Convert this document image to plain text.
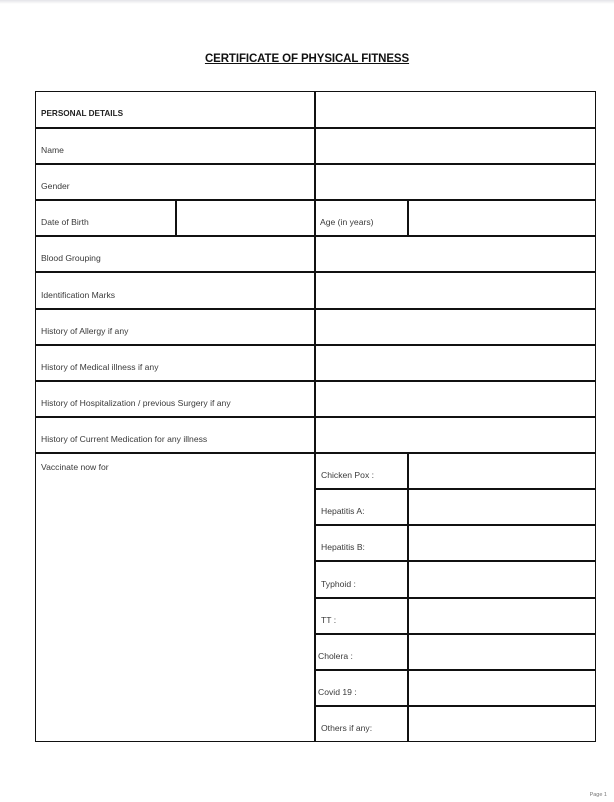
CERTIFICATE OF PHYSICAL FITNESS
PERSONAL DETAILS
Name
Gender
Date of Birth	Age (in years)
Blood Grouping
Identification Marks
History of Allergy if any
History of Medical illness if any
History of Hospitalization / previous Surgery if any
History of Current Medication for any illness
Vaccinate now for
Chicken Pox :
Hepatitis A:
Hepatitis B:
Typhoid :
TT :
Cholera :
Covid 19 :
Others if any:
Page 1
